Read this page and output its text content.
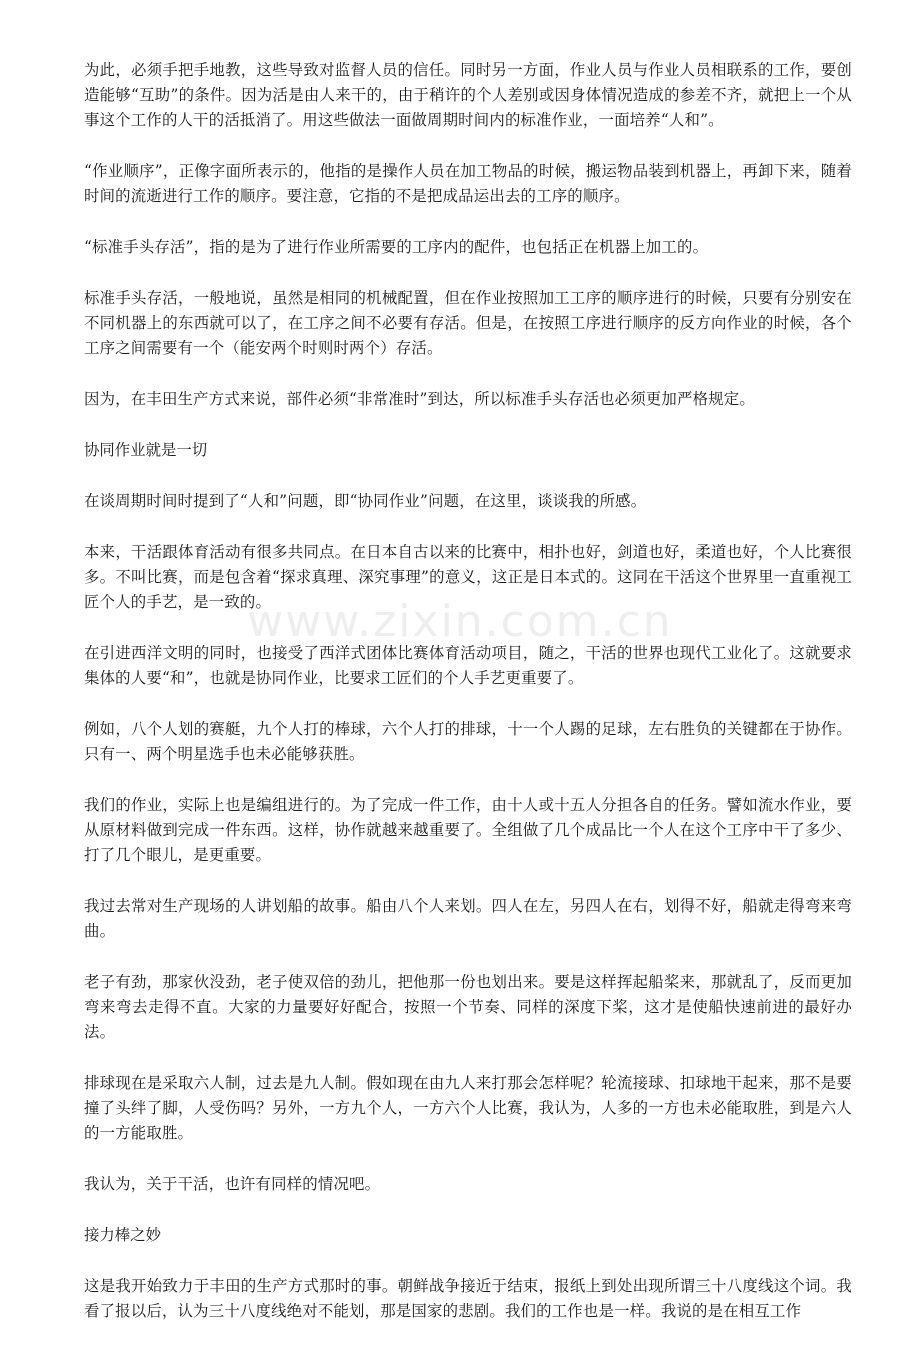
www.zixin.com.cn

为此，必须手把手地教，这些导致对监督人员的信任。同时另一方面，作业人员与作业人员相联系的工作，要创造能够“互助”的条件。因为活是由人来干的，由于稍许的个人差别或因身体情况造成的参差不齐，就把上一个从事这个工作的人干的活抵消了。用这些做法一面做周期时间内的标准作业，一面培养“人和”。

“作业顺序”，正像字面所表示的，他指的是操作人员在加工物品的时候，搬运物品装到机器上，再卸下来，随着时间的流逝进行工作的顺序。要注意，它指的不是把成品运出去的工序的顺序。

“标准手头存活”，指的是为了进行作业所需要的工序内的配件，也包括正在机器上加工的。

标准手头存活，一般地说，虽然是相同的机械配置，但在作业按照加工工序的顺序进行的时候，只要有分别安在不同机器上的东西就可以了，在工序之间不必要有存活。但是，在按照工序进行顺序的反方向作业的时候，各个工序之间需要有一个（能安两个时则时两个）存活。

因为，在丰田生产方式来说，部件必须“非常准时”到达，所以标准手头存活也必须更加严格规定。

协同作业就是一切

在谈周期时间时提到了“人和”问题，即“协同作业”问题，在这里，谈谈我的所感。

本来，干活跟体育活动有很多共同点。在日本自古以来的比赛中，相扑也好，剑道也好，柔道也好，个人比赛很多。不叫比赛，而是包含着“探求真理、深究事理”的意义，这正是日本式的。这同在干活这个世界里一直重视工匠个人的手艺，是一致的。

在引进西洋文明的同时，也接受了西洋式团体比赛体育活动项目，随之，干活的世界也现代工业化了。这就要求集体的人要“和”，也就是协同作业，比要求工匠们的个人手艺更重要了。

例如，八个人划的赛艇，九个人打的棒球，六个人打的排球，十一个人踢的足球，左右胜负的关键都在于协作。只有一、两个明星选手也未必能够获胜。

我们的作业，实际上也是编组进行的。为了完成一件工作，由十人或十五人分担各自的任务。譬如流水作业，要从原材料做到完成一件东西。这样，协作就越来越重要了。全组做了几个成品比一个人在这个工序中干了多少、打了几个眼儿，是更重要。

我过去常对生产现场的人讲划船的故事。船由八个人来划。四人在左，另四人在右，划得不好，船就走得弯来弯曲。

老子有劲，那家伙没劲，老子使双倍的劲儿，把他那一份也划出来。要是这样挥起船桨来，那就乱了，反而更加弯来弯去走得不直。大家的力量要好好配合，按照一个节奏、同样的深度下桨，这才是使船快速前进的最好办法。

排球现在是采取六人制，过去是九人制。假如现在由九人来打那会怎样呢？轮流接球、扣球地干起来，那不是要撞了头绊了脚，人受伤吗？另外，一方九个人，一方六个人比赛，我认为，人多的一方也未必能取胜，到是六人的一方能取胜。

我认为，关于干活，也许有同样的情况吧。

接力棒之妙

这是我开始致力于丰田的生产方式那时的事。朝鲜战争接近于结束，报纸上到处出现所谓三十八度线这个词。我看了报以后，认为三十八度线绝对不能划，那是国家的悲剧。我们的工作也是一样。我说的是在相互工作
